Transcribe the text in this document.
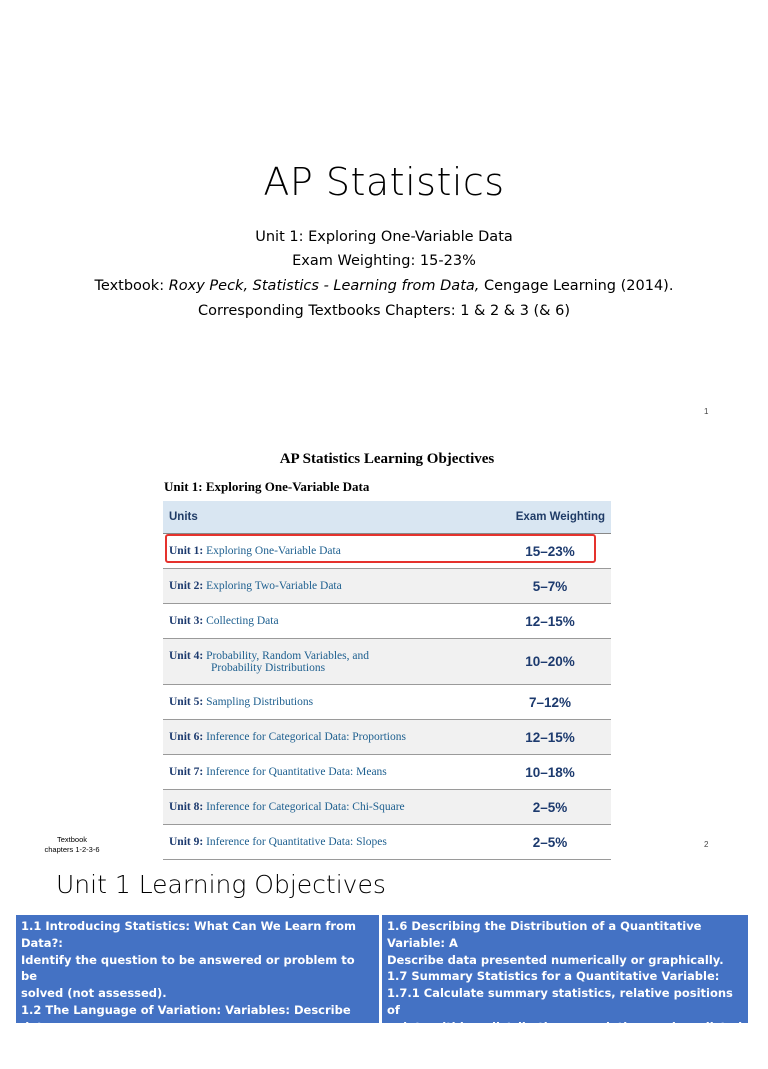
AP Statistics
Unit 1: Exploring One-Variable Data
Exam Weighting: 15-23%
Textbook: Roxy Peck, Statistics - Learning from Data, Cengage Learning (2014).
Corresponding Textbooks Chapters: 1 & 2 & 3 (& 6)
1
AP Statistics Learning Objectives
Unit 1: Exploring One-Variable Data
Units	Exam Weighting
Unit 1: Exploring One-Variable Data	15–23%
Unit 2: Exploring Two-Variable Data	5–7%
Unit 3: Collecting Data	12–15%
Unit 4: Probability, Random Variables, and
Probability Distributions	10–20%
Unit 5: Sampling Distributions	7–12%
Unit 6: Inference for Categorical Data: Proportions	12–15%
Unit 7: Inference for Quantitative Data: Means	10–18%
Unit 8: Inference for Categorical Data: Chi-Square	2–5%
Unit 9: Inference for Quantitative Data: Slopes	2–5%
Textbook
chapters 1-2-3-6
2
Unit 1 Learning Objectives
1.1 Introducing Statistics: What Can We Learn from Data?:
Identify the question to be answered or problem to be
solved (not assessed).
1.2 The Language of Variation: Variables: Describe data
presented numerically or graphically.
1.3 Representing a Categorical Variable with Tables:
1.6 Describing the Distribution of a Quantitative Variable: A
Describe data presented numerically or graphically.
1.7 Summary Statistics for a Quantitative Variable:
1.7.1 Calculate summary statistics, relative positions of
points within a distribution, correlation, and predicted
response.
